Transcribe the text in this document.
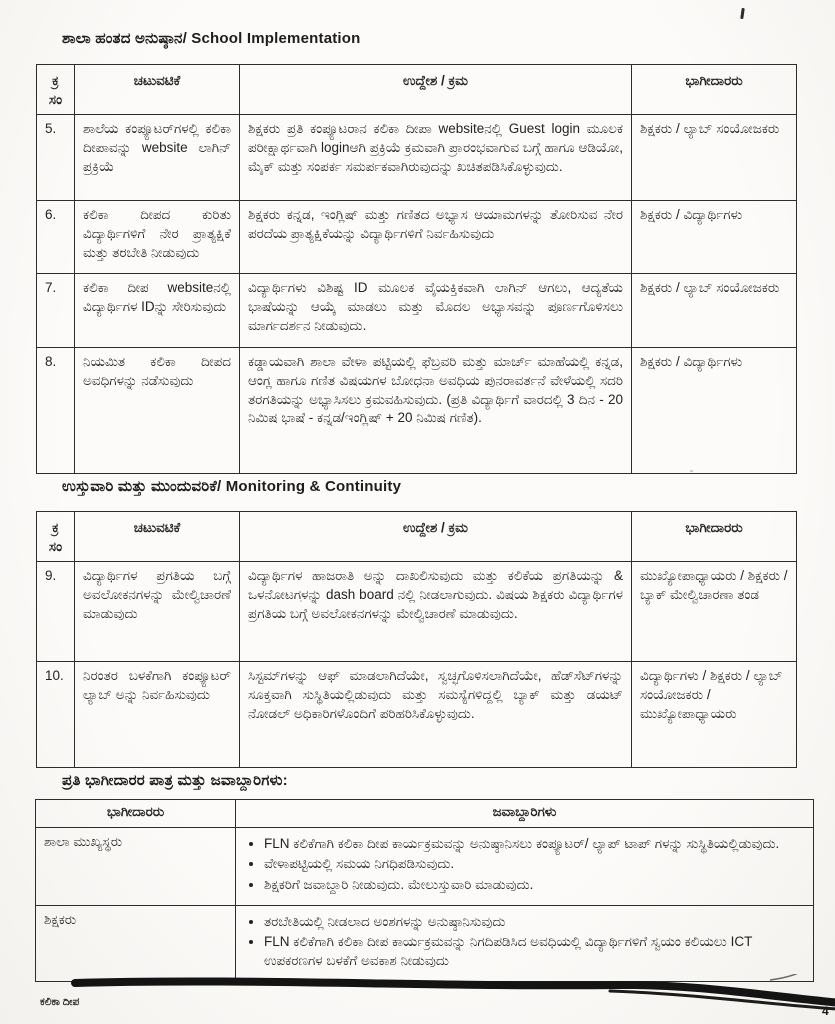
ಶಾಲಾ ಹಂತದ ಅನುಷ್ಠಾನ/ School Implementation
ಕ್ರ ಸಂ	ಚಟುವಟಿಕೆ	ಉದ್ದೇಶ / ಕ್ರಮ	ಭಾಗೀದಾರರು
5.	ಶಾಲೆಯ ಕಂಪ್ಯೂಟರ್‌ಗಳಲ್ಲಿ ಕಲಿಕಾ ದೀಪಾವನ್ನು website ಲಾಗಿನ್ ಪ್ರಕ್ರಿಯೆ	ಶಿಕ್ಷಕರು ಪ್ರತಿ ಕಂಪ್ಯೂಟರಾನ ಕಲಿಕಾ ದೀಪಾ websiteನಲ್ಲಿ Guest login ಮೂಲಕ ಪರೀಕ್ಷಾರ್ಥವಾಗಿ loginಆಗಿ ಪ್ರಕ್ರಿಯೆ ಕ್ರಮವಾಗಿ ಪ್ರಾರಂಭವಾಗುವ ಬಗ್ಗೆ ಹಾಗೂ ಆಡಿಯೋ, ಮೈಕ್ ಮತ್ತು ಸಂಪರ್ಕ ಸಮರ್ಪಕವಾಗಿರುವುದನ್ನು ಖಚಿತಪಡಿಸಿಕೊಳ್ಳುವುದು.	ಶಿಕ್ಷಕರು / ಲ್ಯಾಬ್ ಸಂಯೋಜಕರು
6.	ಕಲಿಕಾ ದೀಪದ ಕುರಿತು ವಿದ್ಯಾರ್ಥಿಗಳಿಗೆ ನೇರ ಪ್ರಾತ್ಯಕ್ಷಿಕೆ ಮತ್ತು ತರಬೇತಿ ನೀಡುವುದು	ಶಿಕ್ಷಕರು ಕನ್ನಡ, ಇಂಗ್ಲಿಷ್ ಮತ್ತು ಗಣಿತದ ಅಭ್ಯಾಸ ಆಯಾಮಗಳನ್ನು ತೋರಿಸುವ ನೇರ ಪರದೆಯ ಪ್ರಾತ್ಯಕ್ಷಿಕೆಯನ್ನು ವಿದ್ಯಾರ್ಥಿಗಳಿಗೆ ನಿರ್ವಹಿಸುವುದು	ಶಿಕ್ಷಕರು / ವಿದ್ಯಾರ್ಥಿಗಳು
7.	ಕಲಿಕಾ ದೀಪ websiteನಲ್ಲಿ ವಿದ್ಯಾರ್ಥಿಗಳ IDನ್ನು ಸೇರಿಸುವುದು	ವಿದ್ಯಾರ್ಥಿಗಳು ವಿಶಿಷ್ಟ ID ಮೂಲಕ ವೈಯಕ್ತಿಕವಾಗಿ ಲಾಗಿನ್ ಆಗಲು, ಆದ್ಯತೆಯ ಭಾಷೆಯನ್ನು ಆಯ್ಕೆ ಮಾಡಲು ಮತ್ತು ಮೊದಲ ಅಭ್ಯಾಸವನ್ನು ಪೂರ್ಣಗೊಳಿಸಲು ಮಾರ್ಗದರ್ಶನ ನೀಡುವುದು.	ಶಿಕ್ಷಕರು / ಲ್ಯಾಬ್ ಸಂಯೋಜಕರು
8.	ನಿಯಮಿತ ಕಲಿಕಾ ದೀಪದ ಅವಧಿಗಳನ್ನು ನಡೆಸುವುದು	ಕಡ್ಡಾಯವಾಗಿ ಶಾಲಾ ವೇಳಾ ಪಟ್ಟಿಯಲ್ಲಿ ಫೆಬ್ರವರಿ ಮತ್ತು ಮಾರ್ಚ್ ಮಾಹೆಯಲ್ಲಿ ಕನ್ನಡ, ಆಂಗ್ಲ ಹಾಗೂ ಗಣಿತ ವಿಷಯಗಳ ಬೋಧನಾ ಅವಧಿಯ ಪುನರಾವರ್ತನೆ ವೇಳೆಯಲ್ಲಿ ಸದರಿ ತರಗತಿಯನ್ನು ಅಭ್ಯಾಸಿಸಲು ಕ್ರಮವಹಿಸುವುದು. (ಪ್ರತಿ ವಿದ್ಯಾರ್ಥಿಗೆ ವಾರದಲ್ಲಿ 3 ದಿನ - 20 ನಿಮಿಷ ಭಾಷೆ - ಕನ್ನಡ/ಇಂಗ್ಲಿಷ್ + 20 ನಿಮಿಷ ಗಣಿತ).	ಶಿಕ್ಷಕರು / ವಿದ್ಯಾರ್ಥಿಗಳು
ಉಸ್ತುವಾರಿ ಮತ್ತು ಮುಂದುವರಿಕೆ/ Monitoring & Continuity
ಕ್ರ ಸಂ	ಚಟುವಟಿಕೆ	ಉದ್ದೇಶ / ಕ್ರಮ	ಭಾಗೀದಾರರು
9.	ವಿದ್ಯಾರ್ಥಿಗಳ ಪ್ರಗತಿಯ ಬಗ್ಗೆ ಅವಲೋಕನಗಳನ್ನು ಮೇಲ್ವಿಚಾರಣೆ ಮಾಡುವುದು	ವಿದ್ಯಾರ್ಥಿಗಳ ಹಾಜರಾತಿ ಅನ್ನು ದಾಖಲಿಸುವುದು ಮತ್ತು ಕಲಿಕೆಯ ಪ್ರಗತಿಯನ್ನು & ಒಳನೋಟಗಳನ್ನು dash board ನಲ್ಲಿ ನೀಡಲಾಗುವುದು. ವಿಷಯ ಶಿಕ್ಷಕರು ವಿದ್ಯಾರ್ಥಿಗಳ ಪ್ರಗತಿಯ ಬಗ್ಗೆ ಅವಲೋಕನಗಳನ್ನು ಮೇಲ್ವಿಚಾರಣೆ ಮಾಡುವುದು.	ಮುಖ್ಯೋಪಾಧ್ಯಾಯರು / ಶಿಕ್ಷಕರು / ಬ್ಯಾಕ್ ಮೇಲ್ವಿಚಾರಣಾ ತಂಡ
10.	ನಿರಂತರ ಬಳಕೆಗಾಗಿ ಕಂಪ್ಯೂಟರ್ ಲ್ಯಾಬ್ ಅನ್ನು ನಿರ್ವಹಿಸುವುದು	ಸಿಸ್ಟಮ್‌ಗಳನ್ನು ಆಫ್ ಮಾಡಲಾಗಿದೆಯೇ, ಸ್ವಚ್ಛಗೊಳಿಸಲಾಗಿದೆಯೇ, ಹೆಡ್‌ಸೆಟ್‌ಗಳನ್ನು ಸೂಕ್ತವಾಗಿ ಸುಸ್ಥಿತಿಯಲ್ಲಿಡುವುದು ಮತ್ತು ಸಮಸ್ಯೆಗಳಿದ್ದಲ್ಲಿ ಬ್ಯಾಕ್ ಮತ್ತು ಡಯಟ್ ನೋಡಲ್ ಅಧಿಕಾರಿಗಳೊಂದಿಗೆ ಪರಿಹರಿಸಿಕೊಳ್ಳುವುದು.	ವಿದ್ಯಾರ್ಥಿಗಳು / ಶಿಕ್ಷಕರು / ಲ್ಯಾಬ್ ಸಂಯೋಜಕರು / ಮುಖ್ಯೋಪಾಧ್ಯಾಯರು
ಪ್ರತಿ ಭಾಗೀದಾರರ ಪಾತ್ರ ಮತ್ತು ಜವಾಬ್ದಾರಿಗಳು:
ಭಾಗೀದಾರರು	ಜವಾಬ್ದಾರಿಗಳು
ಶಾಲಾ ಮುಖ್ಯಸ್ಥರು	
•FLN ಕಲಿಕೆಗಾಗಿ ಕಲಿಕಾ ದೀಪ ಕಾರ್ಯಕ್ರಮವನ್ನು ಅನುಷ್ಠಾನಿಸಲು ಕಂಪ್ಯೂಟರ್/ ಲ್ಯಾಪ್ ಟಾಪ್ ಗಳನ್ನು ಸುಸ್ಥಿತಿಯಲ್ಲಿಡುವುದು.
• ವೇಳಾಪಟ್ಟಿಯಲ್ಲಿ ಸಮಯ ನಿಗಧಿಪಡಿಸುವುದು.
• ಶಿಕ್ಷಕರಿಗೆ ಜವಾಬ್ದಾರಿ ನೀಡುವುದು. ಮೇಲುಸ್ತುವಾರಿ ಮಾಡುವುದು.

ಶಿಕ್ಷಕರು	
•ತರಬೇತಿಯಲ್ಲಿ ನೀಡಲಾದ ಅಂಶಗಳನ್ನು ಅನುಷ್ಠಾನಿಸುವುದು
• FLN ಕಲಿಕೆಗಾಗಿ ಕಲಿಕಾ ದೀಪ ಕಾರ್ಯಕ್ರಮವನ್ನು ನಿಗದಿಪಡಿಸಿದ ಅವಧಿಯಲ್ಲಿ ವಿದ್ಯಾರ್ಥಿಗಳಿಗೆ ಸ್ವಯಂ ಕಲಿಯಲು ICT ಉಪಕರಣಗಳ ಬಳಕೆಗೆ ಅವಕಾಶ ನೀಡುವುದು
ಕಲಿಕಾ ದೀಪ
4
